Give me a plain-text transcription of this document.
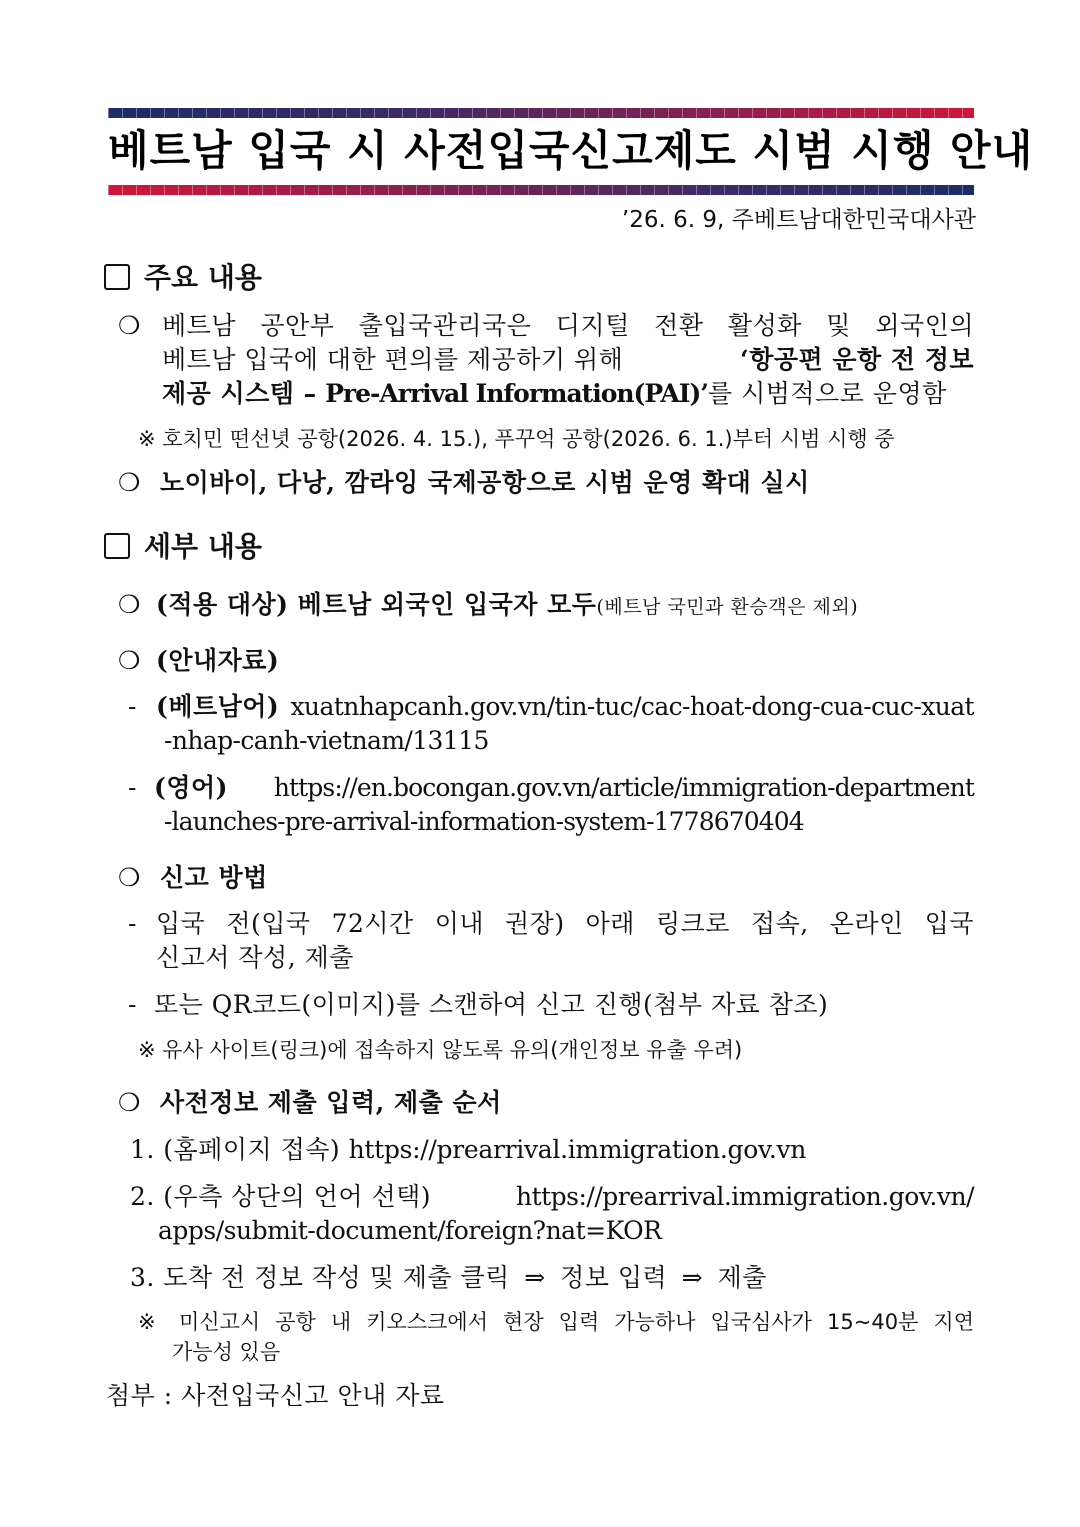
베트남 입국 시 사전입국신고제도 시범 시행 안내
’26. 6. 9, 주베트남대한민국대사관
주요 내용
❍ 베트남 공안부 출입국관리국은 디지털 전환 활성화 및 외국인의
베트남 입국에 대한 편의를 제공하기 위해	‘항공편 운항 전 정보
제공 시스템 – Pre-Arrival Information(PAI)’를 시범적으로 운영함
※ 호치민 떤선녓 공항(2026. 4. 15.), 푸꾸억 공항(2026. 6. 1.)부터 시범 시행 중
❍ 노이바이, 다낭, 깜라잉 국제공항으로 시범 운영 확대 실시
세부 내용
❍ (적용 대상) 베트남 외국인 입국자 모두(베트남 국민과 환승객은 제외)
❍ (안내자료)
- (베트남어) xuatnhapcanh.gov.vn/tin-tuc/cac-hoat-dong-cua-cuc-xuat
-nhap-canh-vietnam/13115
- (영어) https://en.bocongan.gov.vn/article/immigration-department
-launches-pre-arrival-information-system-1778670404
❍ 신고 방법
- 입국 전(입국 72시간 이내 권장) 아래 링크로 접속, 온라인 입국
신고서 작성, 제출
- 또는 QR코드(이미지)를 스캔하여 신고 진행(첨부 자료 참조)
※ 유사 사이트(링크)에 접속하지 않도록 유의(개인정보 유출 우려)
❍ 사전정보 제출 입력, 제출 순서
1. (홈페이지 접속) https://prearrival.immigration.gov.vn
2. (우측 상단의 언어 선택)	https://prearrival.immigration.gov.vn/
apps/submit-document/foreign?nat=KOR
3. 도착 전 정보 작성 및 제출 클릭 ⇒ 정보 입력 ⇒ 제출
※ 미신고시 공항 내 키오스크에서 현장 입력 가능하나 입국심사가 15~40분 지연
가능성 있음
첨부 : 사전입국신고 안내 자료
